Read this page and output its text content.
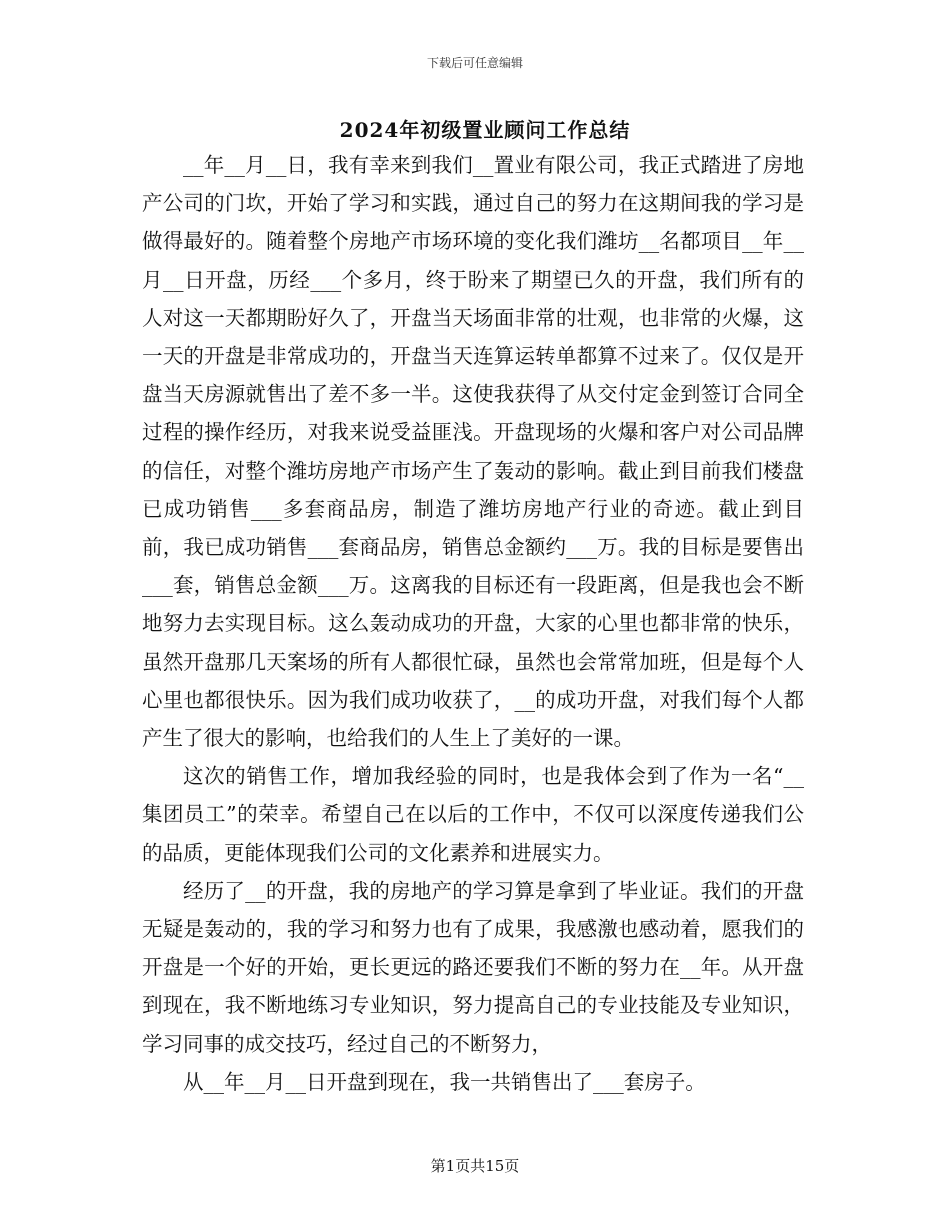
下载后可任意编辑
2024年初级置业顾问工作总结

__年__月__日，我有幸来到我们__置业有限公司，我正式踏进了房地产公司的门坎，开始了学习和实践，通过自己的努力在这期间我的学习是做得最好的。随着整个房地产市场环境的变化我们潍坊__名都项目__年__月__日开盘，历经___个多月，终于盼来了期望已久的开盘，我们所有的人对这一天都期盼好久了，开盘当天场面非常的壮观，也非常的火爆，这一天的开盘是非常成功的，开盘当天连算运转单都算不过来了。仅仅是开盘当天房源就售出了差不多一半。这使我获得了从交付定金到签订合同全过程的操作经历，对我来说受益匪浅。开盘现场的火爆和客户对公司品牌的信任，对整个潍坊房地产市场产生了轰动的影响。截止到目前我们楼盘已成功销售___多套商品房，制造了潍坊房地产行业的奇迹。截止到目前，我已成功销售___套商品房，销售总金额约___万。我的目标是要售出___套，销售总金额___万。这离我的目标还有一段距离，但是我也会不断地努力去实现目标。这么轰动成功的开盘，大家的心里也都非常的快乐，虽然开盘那几天案场的所有人都很忙碌，虽然也会常常加班，但是每个人心里也都很快乐。因为我们成功收获了，__的成功开盘，对我们每个人都产生了很大的影响，也给我们的人生上了美好的一课。

这次的销售工作，增加我经验的同时，也是我体会到了作为一名“__集团员工”的荣幸。希望自己在以后的工作中，不仅可以深度传递我们公的品质，更能体现我们公司的文化素养和进展实力。

经历了__的开盘，我的房地产的学习算是拿到了毕业证。我们的开盘无疑是轰动的，我的学习和努力也有了成果，我感激也感动着，愿我们的开盘是一个好的开始，更长更远的路还要我们不断的努力在__年。从开盘到现在，我不断地练习专业知识，努力提高自己的专业技能及专业知识，学习同事的成交技巧，经过自己的不断努力，

从__年__月__日开盘到现在，我一共销售出了___套房子。

第1页共15页
